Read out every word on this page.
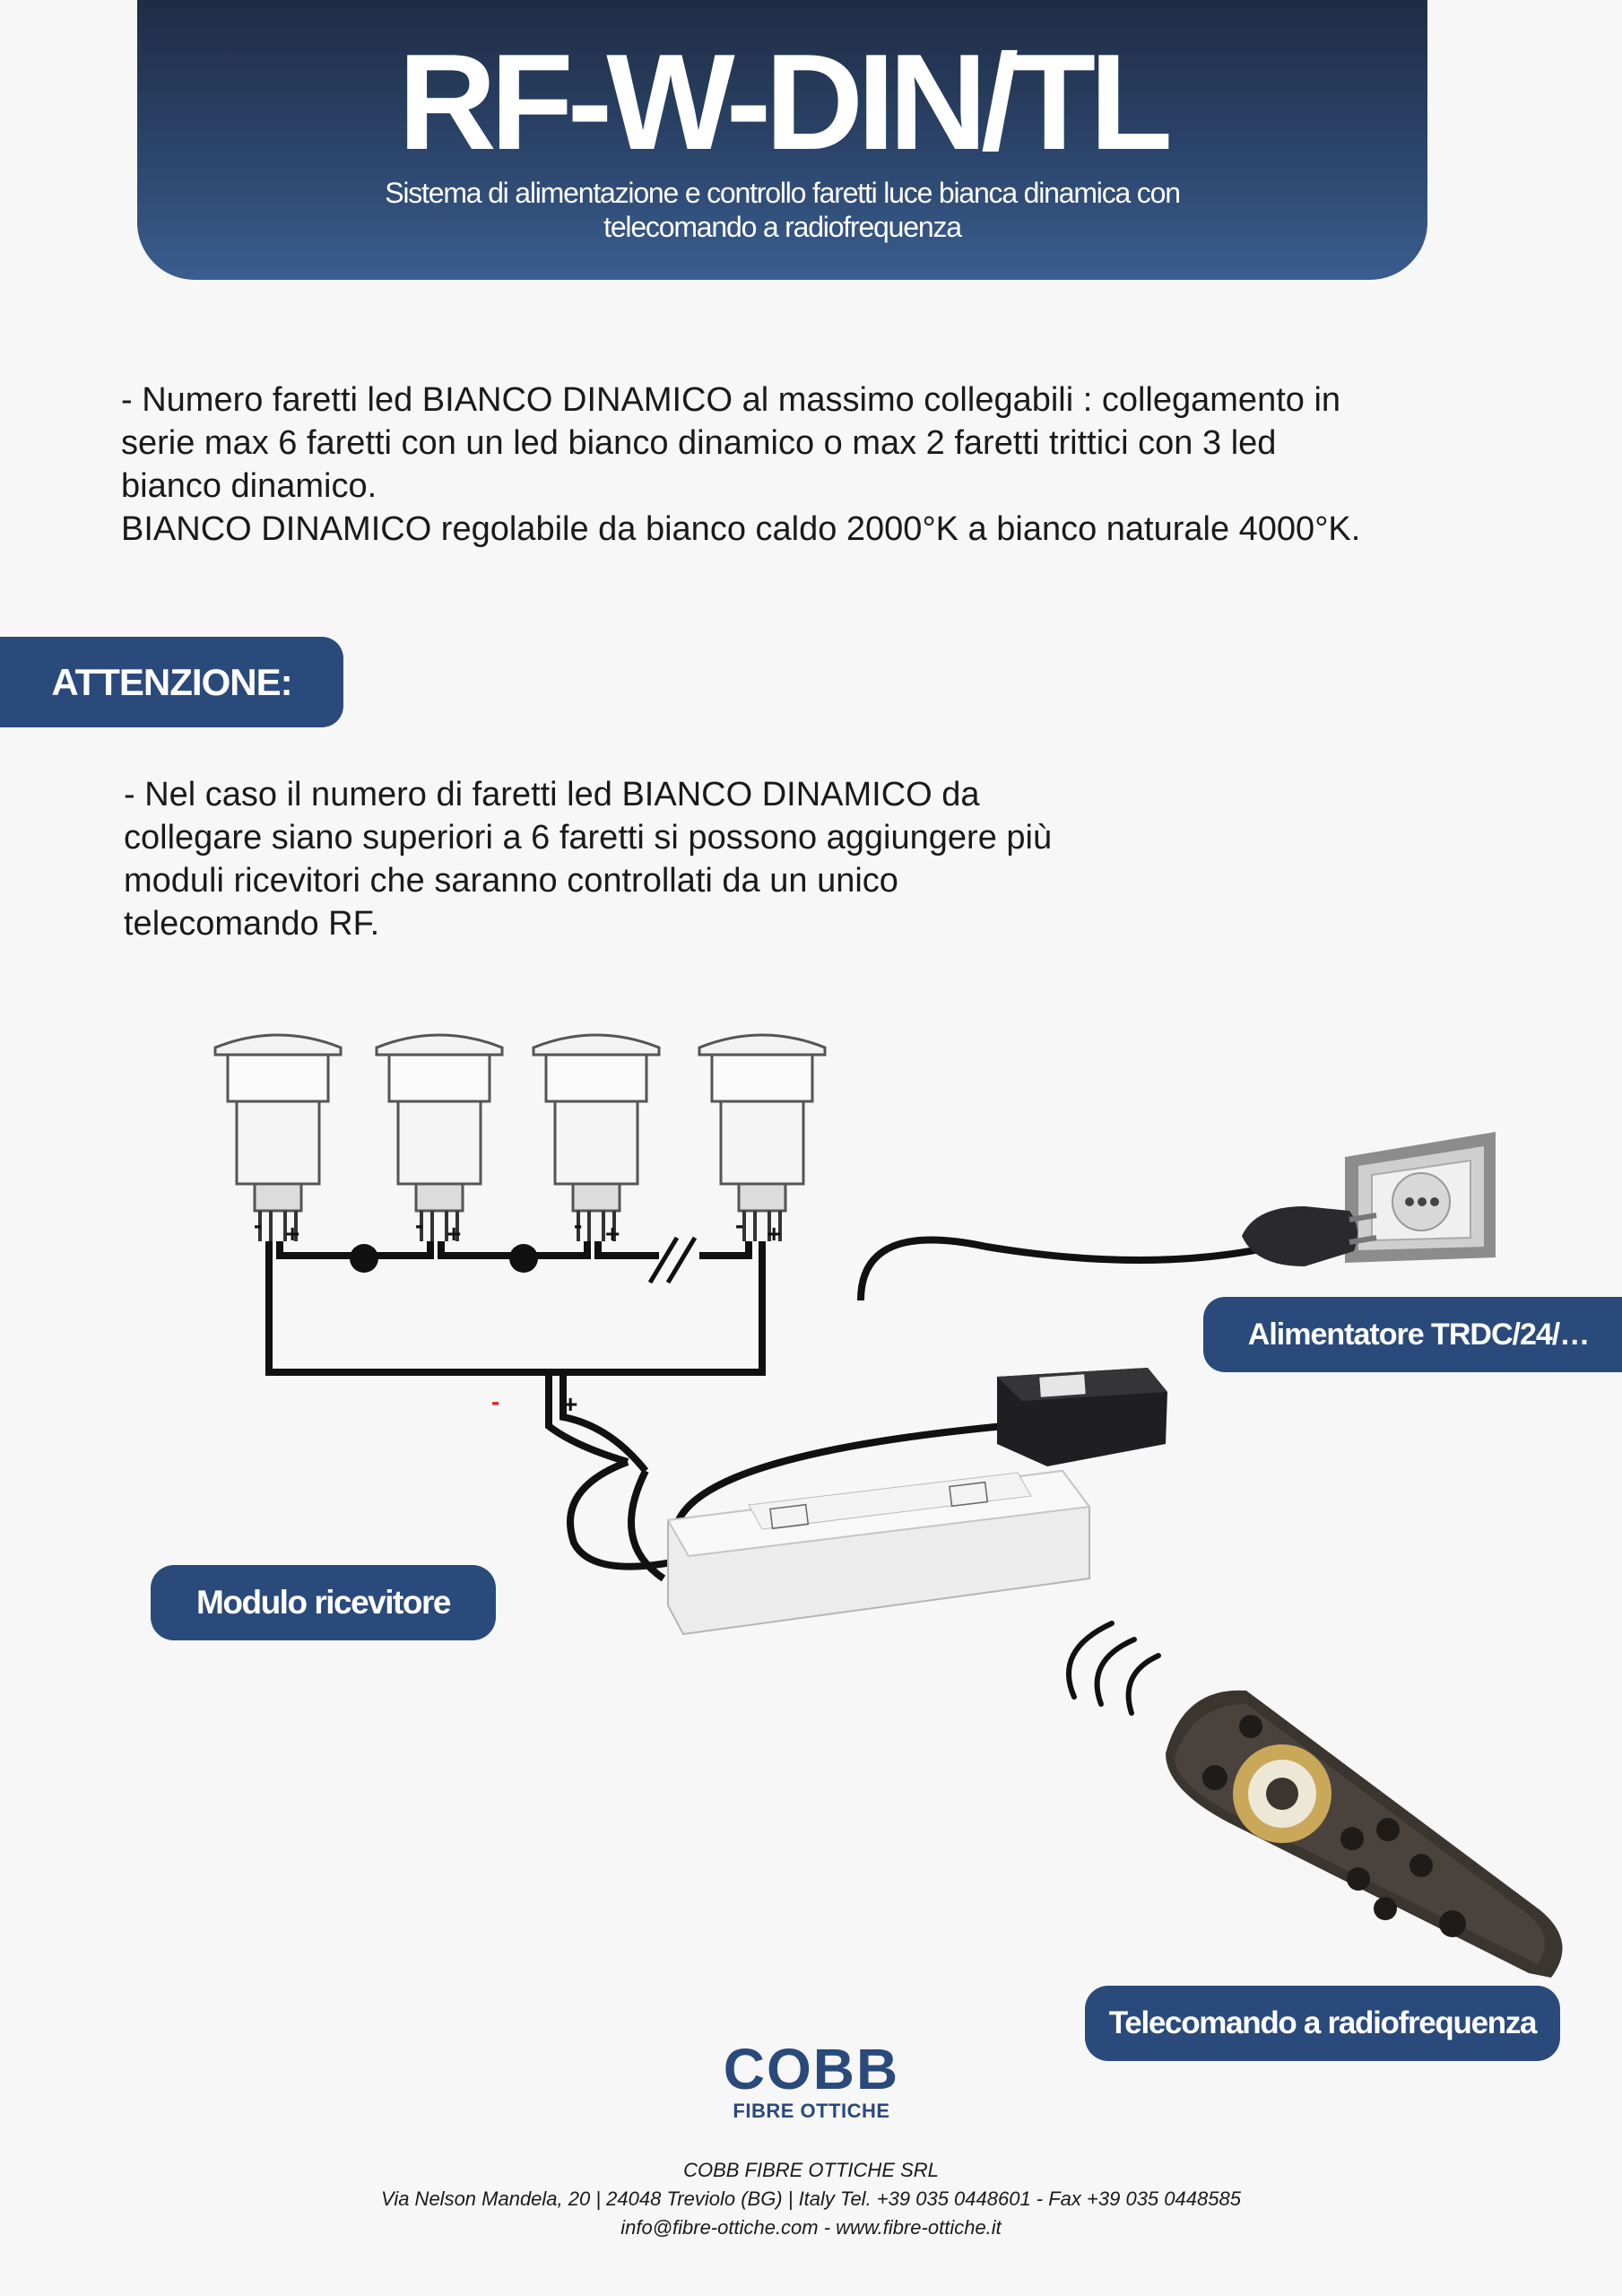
RF-W-DIN/TL
Sistema di alimentazione e controllo faretti luce bianca dinamica con
telecomando a radiofrequenza
- Numero faretti led BIANCO DINAMICO al massimo collegabili : collegamento in
serie max 6 faretti con un led bianco dinamico o max 2 faretti trittici con 3 led
bianco dinamico.
BIANCO DINAMICO regolabile da bianco caldo 2000°K a bianco naturale 4000°K.
ATTENZIONE:
- Nel caso il numero di faretti led BIANCO DINAMICO da
collegare siano superiori a 6 faretti si possono aggiungere più
moduli ricevitori che saranno controllati da un unico
telecomando RF.
- +	- +	- +	- +
-	+
Alimentatore TRDC/24/…
Modulo ricevitore
Telecomando a radiofrequenza
COBB
FIBRE OTTICHE
COBB FIBRE OTTICHE SRL
Via Nelson Mandela, 20 | 24048 Treviolo (BG) | Italy Tel. +39 035 0448601 - Fax +39 035 0448585
info@fibre-ottiche.com - www.fibre-ottiche.it
